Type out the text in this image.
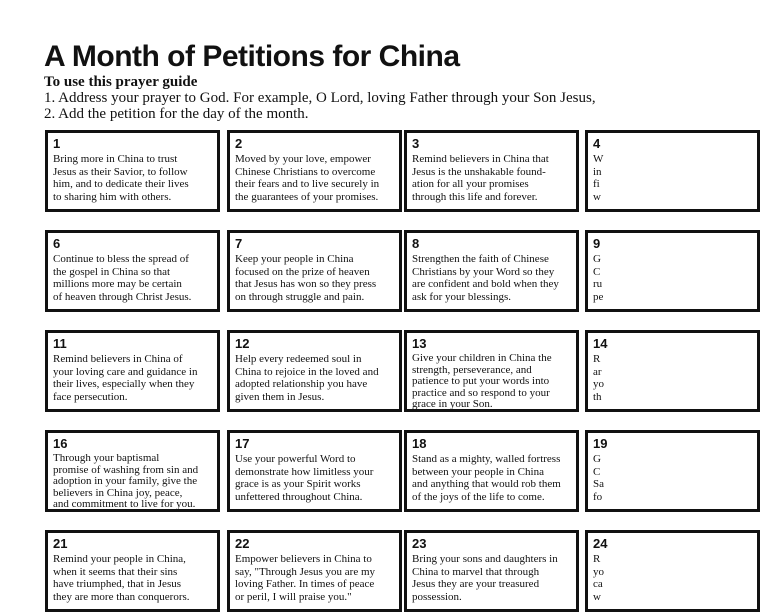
A Month of Petitions for China
To use this prayer guide
1. Address your prayer to God. For example, O Lord, loving Father through your Son Jesus,
2. Add the petition for the day of the month.
1
Bring more in China to trust
Jesus as their Savior, to follow
him, and to dedicate their lives
to sharing him with others.
2
Moved by your love, empower
Chinese Christians to overcome
their fears and to live securely in
the guarantees of your promises.
3
Remind believers in China that
Jesus is the unshakable found-
ation for all your promises
through this life and forever.
4
W
in
fi
w
6
Continue to bless the spread of
the gospel in China so that
millions more may be certain
of heaven through Christ Jesus.
7
Keep your people in China
focused on the prize of heaven
that Jesus has won so they press
on through struggle and pain.
8
Strengthen the faith of Chinese
Christians by your Word so they
are confident and bold when they
ask for your blessings.
9
G
C
ru
pe
11
Remind believers in China of
your loving care and guidance in
their lives, especially when they
face persecution.
12
Help every redeemed soul in
China to rejoice in the loved and
adopted relationship you have
given them in Jesus.
13
Give your children in China the
strength, perseverance, and
patience to put your words into
practice and so respond to your
grace in your Son.
14
R
ar
yo
th
16
Through your baptismal
promise of washing from sin and
adoption in your family, give the
believers in China joy, peace,
and commitment to live for you.
17
Use your powerful Word to
demonstrate how limitless your
grace is as your Spirit works
unfettered throughout China.
18
Stand as a mighty, walled fortress
between your people in China
and anything that would rob them
of the joys of the life to come.
19
G
C
Sa
fo
21
Remind your people in China,
when it seems that their sins
have triumphed, that in Jesus
they are more than conquerors.
22
Empower believers in China to
say, "Through Jesus you are my
loving Father. In times of peace
or peril, I will praise you."
23
Bring your sons and daughters in
China to marvel that through
Jesus they are your treasured
possession.
24
R
yo
ca
w
